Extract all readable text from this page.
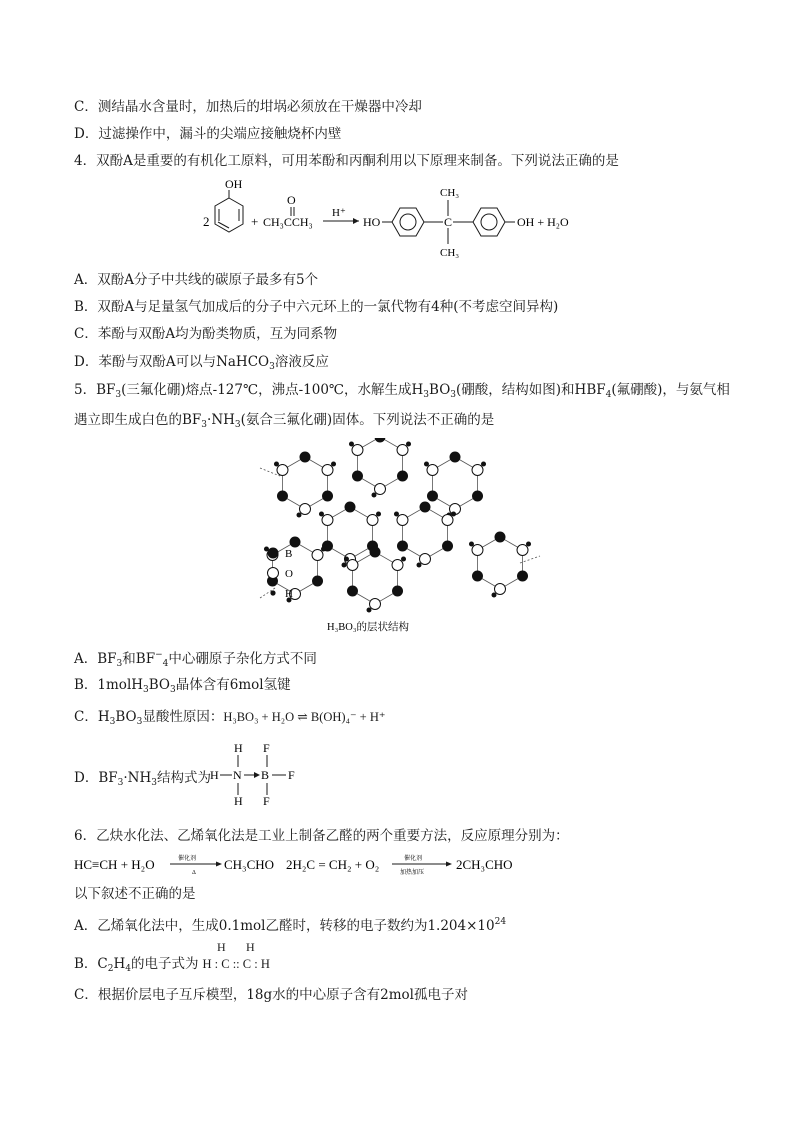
C．测结晶水含量时，加热后的坩埚必须放在干燥器中冷却
D．过滤操作中，漏斗的尖端应接触烧杯内壁
4．双酚A是重要的有机化工原料，可用苯酚和丙酮利用以下原理来制备。下列说法正确的是
2
OH
+
O
CH₃CCH₃
H⁺
HO	C
CH₃
CH₃
OH + H₂O
A．双酚A分子中共线的碳原子最多有5个
B．双酚A与足量氢气加成后的分子中六元环上的一氯代物有4种(不考虑空间异构)
C．苯酚与双酚A均为酚类物质，互为同系物
D．苯酚与双酚A可以与NaHCO$_3$溶液反应
5．$BF_3$(三氟化硼)熔点-127℃，沸点-100℃，水解生成$H_3BO_3$(硼酸，结构如图)和$HBF_4$(氟硼酸)，与氨气相
遇立即生成白色的$BF_3\cdot NH_3$(氨合三氟化硼)固体。下列说法不正确的是
B
O
H
H₃BO₃的层状结构
A．$BF_3$和$BF^-_4$中心硼原子杂化方式不同
B．$1molH_3BO_3$晶体含有6mol氢键
C．$H_3BO_3$显酸性原因：H₃BO₃ + H₂O ⇌ B(OH)₄⁻ + H⁺
D．$BF_3\cdot NH_3$结构式为
H
H N
H
B
F
F
F
6．乙炔水化法、乙烯氧化法是工业上制备乙醛的两个重要方法，反应原理分别为：
HC≡CH + H₂O	催化剂
Δ
CH₃CHO 2H₂C = CH₂ + O₂	催化剂
加热加压
2CH₃CHO
以下叙述不正确的是
A．乙烯氧化法中，生成0.1mol乙醛时，转移的电子数约为$1.204\times 10^{24}$
B．$C_2H_4$的电子式为 H : C :: C : H
H H
C．根据价层电子互斥模型，18g水的中心原子含有2mol孤电子对
